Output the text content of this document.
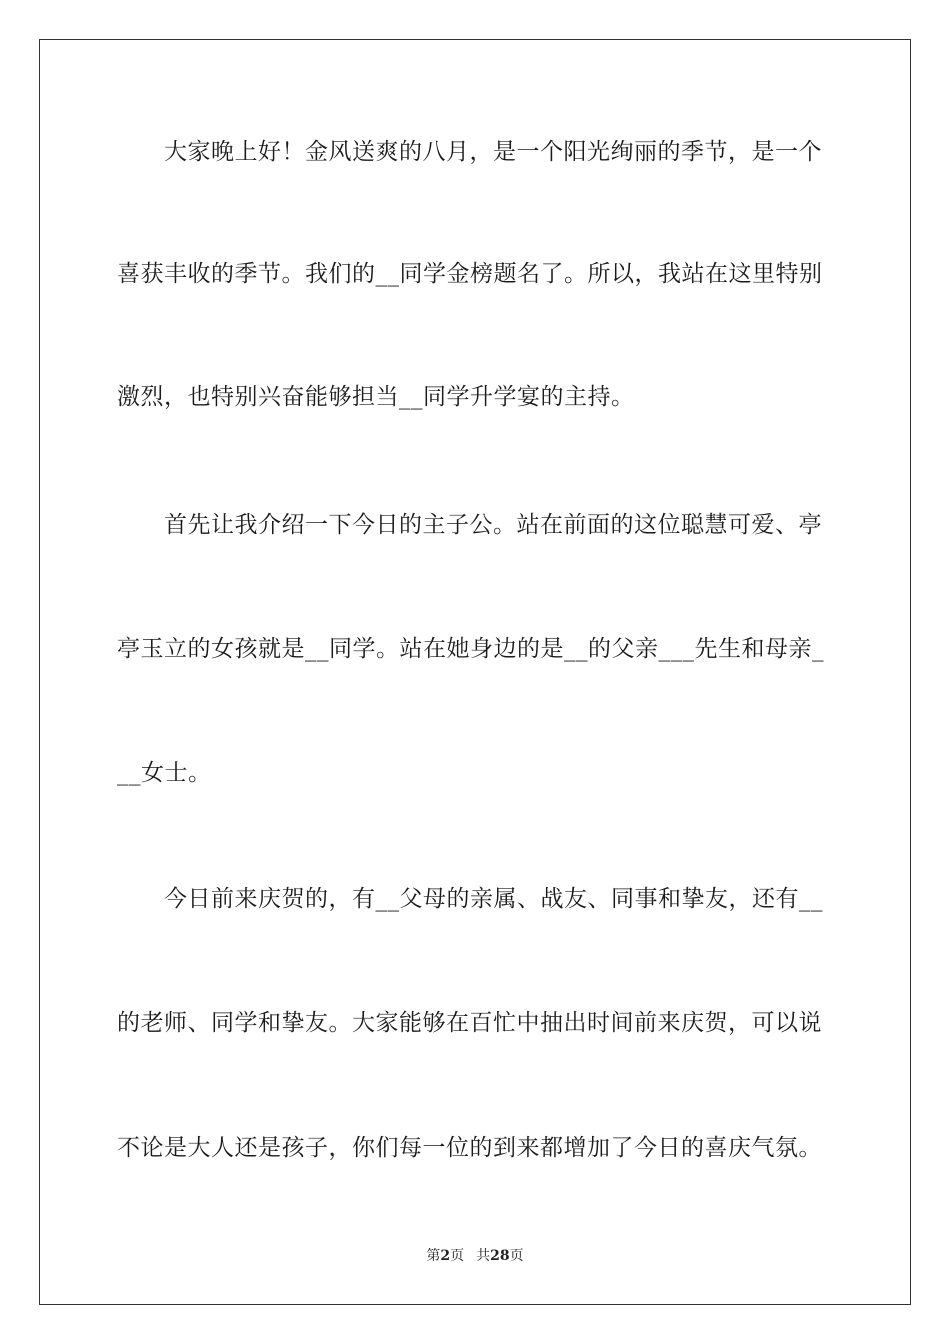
大家晚上好！金风送爽的八月，是一个阳光绚丽的季节，是一个
喜获丰收的季节。我们的__同学金榜题名了。所以，我站在这里特别
激烈，也特别兴奋能够担当__同学升学宴的主持。
首先让我介绍一下今日的主子公。站在前面的这位聪慧可爱、亭
亭玉立的女孩就是__同学。站在她身边的是__的父亲___先生和母亲_
__女士。
今日前来庆贺的，有__父母的亲属、战友、同事和挚友，还有__
的老师、同学和挚友。大家能够在百忙中抽出时间前来庆贺，可以说
不论是大人还是孩子，你们每一位的到来都增加了今日的喜庆气氛。
第2页 共28页
